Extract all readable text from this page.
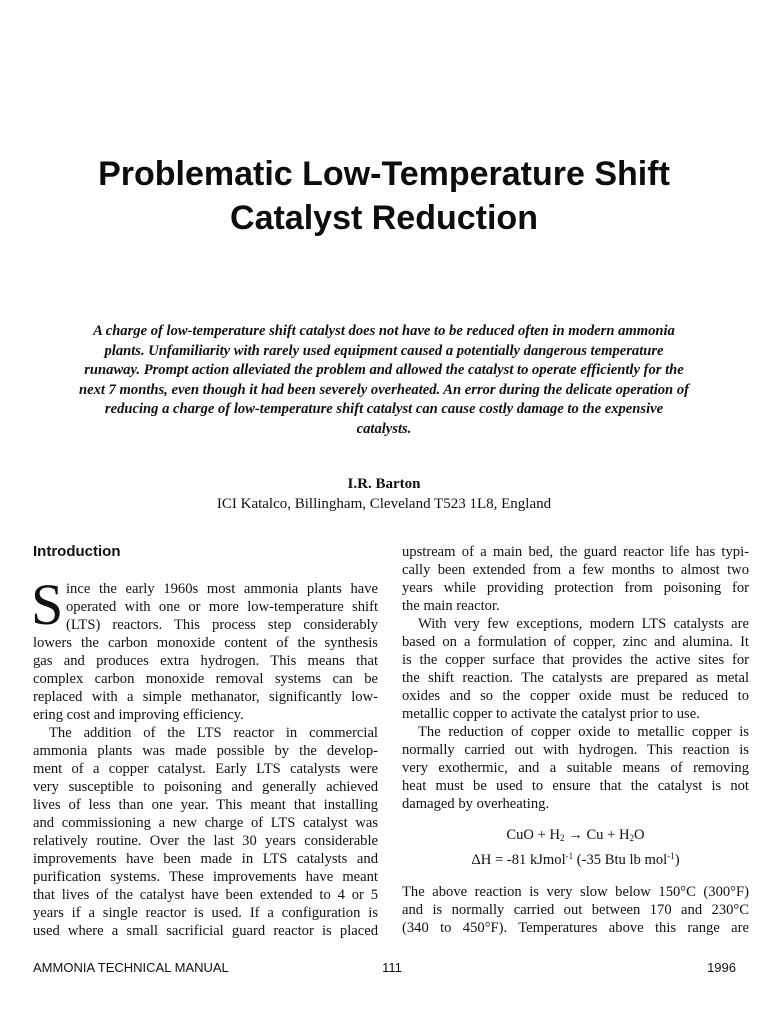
Problematic Low-Temperature Shift
Catalyst Reduction
A charge of low-temperature shift catalyst does not have to be reduced often in modern ammonia
plants. Unfamiliarity with rarely used equipment caused a potentially dangerous temperature
runaway. Prompt action alleviated the problem and allowed the catalyst to operate efficiently for the
next 7 months, even though it had been severely overheated. An error during the delicate operation of
reducing a charge of low-temperature shift catalyst can cause costly damage to the expensive
catalysts.
I.R. Barton
ICI Katalco, Billingham, Cleveland T523 1L8, England
Introduction
S ince the early 1960s most ammonia plants have
operated with one or more low-temperature shift
(LTS) reactors. This process step considerably
lowers the carbon monoxide content of the synthesis
gas and produces extra hydrogen. This means that
complex carbon monoxide removal systems can be
replaced with a simple methanator, significantly low-
ering cost and improving efficiency.
The addition of the LTS reactor in commercial
ammonia plants was made possible by the develop-
ment of a copper catalyst. Early LTS catalysts were
very susceptible to poisoning and generally achieved
lives of less than one year. This meant that installing
and commissioning a new charge of LTS catalyst was
relatively routine. Over the last 30 years considerable
improvements have been made in LTS catalysts and
purification systems. These improvements have meant
that lives of the catalyst have been extended to 4 or 5
years if a single reactor is used. If a configuration is
used where a small sacrificial guard reactor is placed
upstream of a main bed, the guard reactor life has typi-
cally been extended from a few months to almost two
years while providing protection from poisoning for
the main reactor.
With very few exceptions, modern LTS catalysts are
based on a formulation of copper, zinc and alumina. It
is the copper surface that provides the active sites for
the shift reaction. The catalysts are prepared as metal
oxides and so the copper oxide must be reduced to
metallic copper to activate the catalyst prior to use.
The reduction of copper oxide to metallic copper is
normally carried out with hydrogen. This reaction is
very exothermic, and a suitable means of removing
heat must be used to ensure that the catalyst is not
damaged by overheating.
CuO + $H_2 \to Cu + H_2O$
ΔH = -81 kJmol$^{-1}$ (-35 Btu lb mol$^{-1}$)
The above reaction is very slow below 150°C (300°F)
and is normally carried out between 170 and 230°C
(340 to 450°F). Temperatures above this range are
AMMONIA TECHNICAL MANUAL	111	1996
